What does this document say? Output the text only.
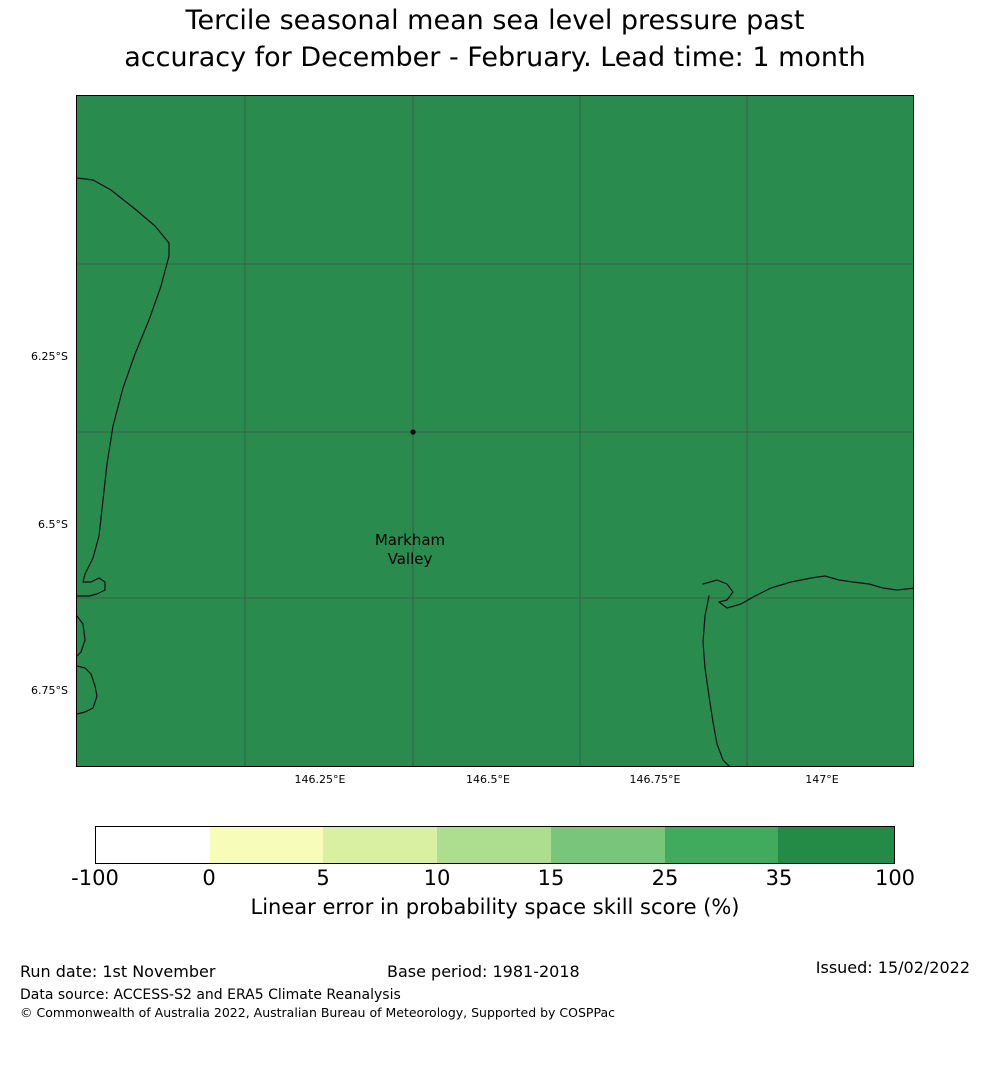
Tercile seasonal mean sea level pressure past
accuracy for December - February. Lead time: 1 month
Markham
Valley
6.25°S
6.5°S
6.75°S
146.25°E	146.5°E	146.75°E	147°E
-100	0	5	10	15	25	35	100
Linear error in probability space skill score (%)
Run date: 1st November	Base period: 1981-2018	Issued: 15/02/2022
Data source: ACCESS-S2 and ERA5 Climate Reanalysis
© Commonwealth of Australia 2022, Australian Bureau of Meteorology, Supported by COSPPac
